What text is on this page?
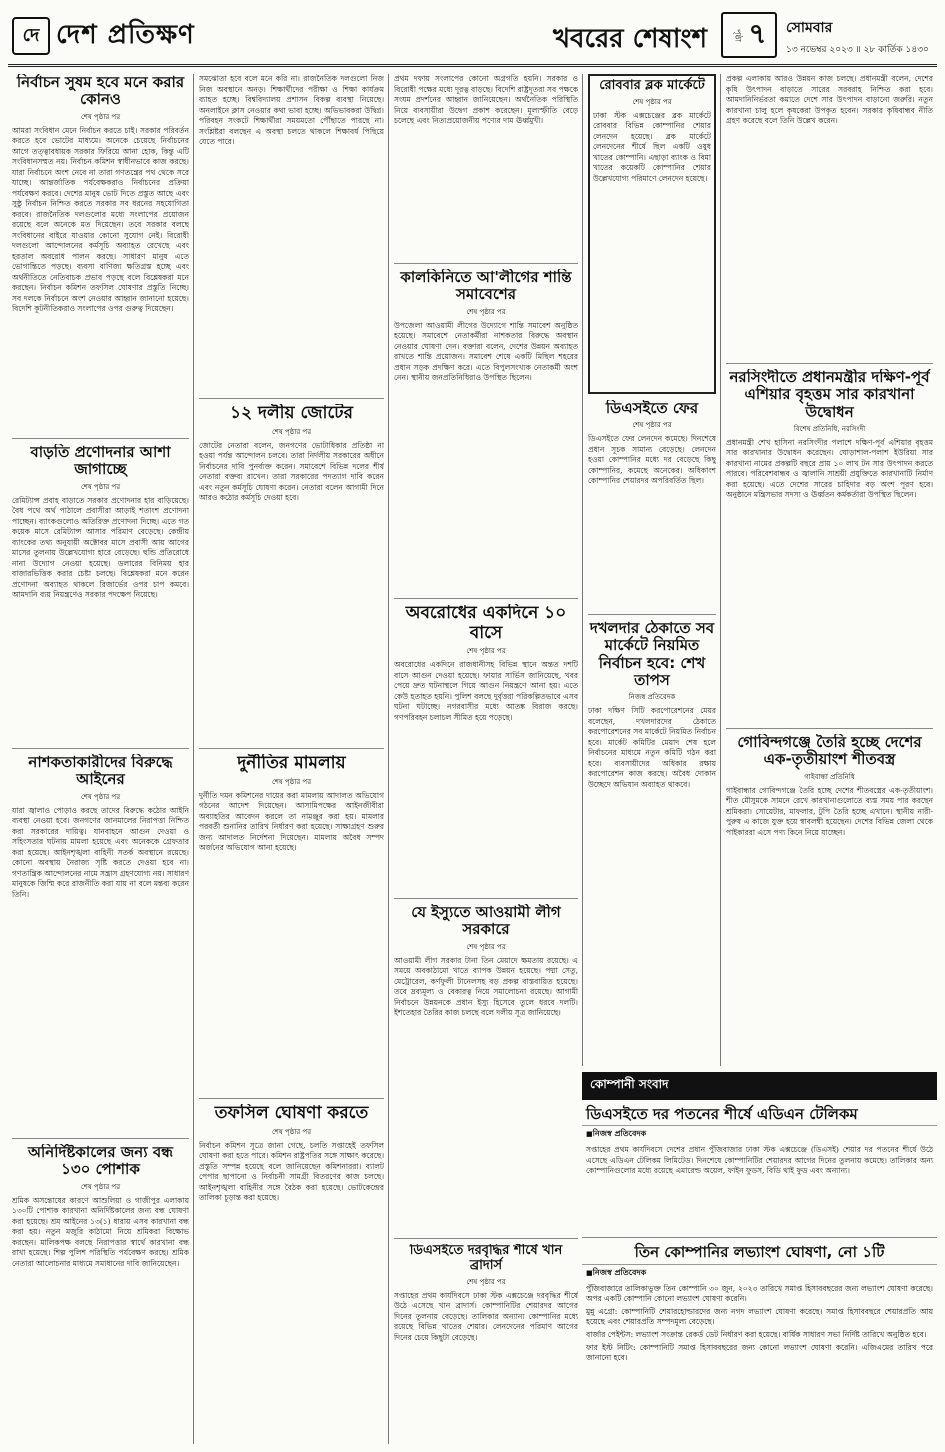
দে দেশ প্রতিক্ষণ	খবরের শেষাংশ	পৃষ্ঠা ৭ সোমবার
১৩ নভেম্বর ২০২৩ ॥ ২৮ কার্তিক ১৪৩০
নির্বাচন সুষম হবে মনে করার কোনও
শেষ পৃষ্ঠার পর

আমরা সংবিধান মেনে নির্বাচন করতে চাই। সরকার পরিবর্তন করতে হবে ভোটের মাধ্যমে। অনেকে চেয়েছে নির্বাচনের আগে তত্ত্বাবধায়ক সরকার ফিরিয়ে আনা হোক, কিন্তু এটি সংবিধানসম্মত নয়। নির্বাচন কমিশন স্বাধীনভাবে কাজ করছে। যারা নির্বাচনে অংশ নেবে না তারা গণতন্ত্রের পথ থেকে সরে যাচ্ছে। আন্তর্জাতিক পর্যবেক্ষকরাও নির্বাচনের প্রক্রিয়া পর্যবেক্ষণ করবে। দেশের মানুষ ভোট দিতে প্রস্তুত আছে এবং সুষ্ঠু নির্বাচন নিশ্চিত করতে সরকার সব ধরনের সহযোগিতা করবে। রাজনৈতিক দলগুলোর মধ্যে সংলাপের প্রয়োজন রয়েছে বলে অনেকে মত দিয়েছেন। তবে সরকার বলছে সংবিধানের বাইরে যাওয়ার কোনো সুযোগ নেই। বিরোধী দলগুলো আন্দোলনের কর্মসূচি অব্যাহত রেখেছে এবং হরতাল অবরোধ পালন করছে। সাধারণ মানুষ এতে ভোগান্তিতে পড়ছে। ব্যবসা বাণিজ্য ক্ষতিগ্রস্ত হচ্ছে এবং অর্থনীতিতে নেতিবাচক প্রভাব পড়ছে বলে বিশ্লেষকরা মনে করছেন। নির্বাচন কমিশন তফসিল ঘোষণার প্রস্তুতি নিচ্ছে। সব দলকে নির্বাচনে অংশ নেওয়ার আহ্বান জানানো হয়েছে। বিদেশি কূটনীতিকরাও সংলাপের ওপর গুরুত্ব দিয়েছেন।

বাড়তি প্রণোদনার আশা জাগাচ্ছে
শেষ পৃষ্ঠার পর

রেমিট্যান্স প্রবাহ বাড়াতে সরকার প্রণোদনার হার বাড়িয়েছে। বৈধ পথে অর্থ পাঠালে প্রবাসীরা আড়াই শতাংশ প্রণোদনা পাচ্ছেন। ব্যাংকগুলোও অতিরিক্ত প্রণোদনা দিচ্ছে। এতে গত কয়েক মাসে রেমিট্যান্স আসার পরিমাণ বেড়েছে। কেন্দ্রীয় ব্যাংকের তথ্য অনুযায়ী অক্টোবর মাসে প্রবাসী আয় আগের মাসের তুলনায় উল্লেখযোগ্য হারে বেড়েছে। হুন্ডি প্রতিরোধে নানা উদ্যোগ নেওয়া হয়েছে। ডলারের বিনিময় হার বাজারভিত্তিক করার চেষ্টা চলছে। বিশ্লেষকরা মনে করেন প্রণোদনা অব্যাহত থাকলে রিজার্ভের ওপর চাপ কমবে। আমদানি ব্যয় নিয়ন্ত্রণেও সরকার পদক্ষেপ নিয়েছে।

নাশকতাকারীদের বিরুদ্ধে আইনের
শেষ পৃষ্ঠার পর

যারা জ্বালাও পোড়াও করছে তাদের বিরুদ্ধে কঠোর আইনি ব্যবস্থা নেওয়া হবে। জনগণের জানমালের নিরাপত্তা নিশ্চিত করা সরকারের দায়িত্ব। যানবাহনে আগুন দেওয়া ও সহিংসতার ঘটনায় মামলা হয়েছে এবং অনেককে গ্রেফতার করা হয়েছে। আইনশৃঙ্খলা বাহিনী সতর্ক অবস্থানে রয়েছে। কোনো অবস্থায় নৈরাজ্য সৃষ্টি করতে দেওয়া হবে না। গণতান্ত্রিক আন্দোলনের নামে সন্ত্রাস গ্রহণযোগ্য নয়। সাধারণ মানুষকে জিম্মি করে রাজনীতি করা যায় না বলে মন্তব্য করেন তিনি।

অনির্দিষ্টকালের জন্য বন্ধ ১৩০ পোশাক
শেষ পৃষ্ঠার পর

শ্রমিক অসন্তোষের কারণে আশুলিয়া ও গাজীপুর এলাকায় ১৩০টি পোশাক কারখানা অনির্দিষ্টকালের জন্য বন্ধ ঘোষণা করা হয়েছে। শ্রম আইনের ১৩(১) ধারায় এসব কারখানা বন্ধ করা হয়। নতুন মজুরি কাঠামো নিয়ে শ্রমিকরা বিক্ষোভ করছেন। মালিকপক্ষ বলছে নিরাপত্তার স্বার্থে কারখানা বন্ধ রাখা হয়েছে। শিল্প পুলিশ পরিস্থিতি পর্যবেক্ষণ করছে। শ্রমিক নেতারা আলোচনার মাধ্যমে সমাধানের দাবি জানিয়েছেন।

সমঝোতা হবে বলে মনে করি না। রাজনৈতিক দলগুলো নিজ নিজ অবস্থানে অনড়। শিক্ষার্থীদের পরীক্ষা ও শিক্ষা কার্যক্রম ব্যাহত হচ্ছে। বিশ্ববিদ্যালয় প্রশাসন বিকল্প ব্যবস্থা নিয়েছে। অনলাইনে ক্লাস নেওয়ার কথা ভাবা হচ্ছে। অভিভাবকরা উদ্বিগ্ন। পরিবহন সংকটে শিক্ষার্থীরা সময়মতো পৌঁছাতে পারছে না। সংশ্লিষ্টরা বলছেন এ অবস্থা চলতে থাকলে শিক্ষাবর্ষ পিছিয়ে যেতে পারে।

১২ দলীয় জোটের
শেষ পৃষ্ঠার পর

জোটের নেতারা বলেন, জনগণের ভোটাধিকার প্রতিষ্ঠা না হওয়া পর্যন্ত আন্দোলন চলবে। তারা নির্দলীয় সরকারের অধীনে নির্বাচনের দাবি পুনর্ব্যক্ত করেন। সমাবেশে বিভিন্ন দলের শীর্ষ নেতারা বক্তব্য রাখেন। তারা সরকারের পদত্যাগ দাবি করেন এবং নতুন কর্মসূচি ঘোষণা করেন। নেতারা বলেন আগামী দিনে আরও কঠোর কর্মসূচি দেওয়া হবে।

দুর্নীতির মামলায়
শেষ পৃষ্ঠার পর

দুর্নীতি দমন কমিশনের দায়ের করা মামলায় আদালত অভিযোগ গঠনের আদেশ দিয়েছেন। আসামিপক্ষের আইনজীবীরা অব্যাহতির আবেদন করলে তা নামঞ্জুর করা হয়। মামলার পরবর্তী শুনানির তারিখ নির্ধারণ করা হয়েছে। সাক্ষ্যগ্রহণ শুরুর জন্য আদালত নির্দেশনা দিয়েছেন। মামলায় অবৈধ সম্পদ অর্জনের অভিযোগ আনা হয়েছে।

তফসিল ঘোষণা করতে
শেষ পৃষ্ঠার পর

নির্বাচন কমিশন সূত্রে জানা গেছে, চলতি সপ্তাহেই তফসিল ঘোষণা করা হতে পারে। কমিশন রাষ্ট্রপতির সঙ্গে সাক্ষাৎ করেছে। প্রস্তুতি সম্পন্ন হয়েছে বলে জানিয়েছেন কমিশনাররা। ব্যালট পেপার ছাপানো ও নির্বাচনী সামগ্রী বিতরণের কাজ চলছে। আইনশৃঙ্খলা বাহিনীর সঙ্গে বৈঠক করা হয়েছে। ভোটকেন্দ্রের তালিকা চূড়ান্ত করা হয়েছে।

প্রথম দফায় সংলাপের কোনো অগ্রগতি হয়নি। সরকার ও বিরোধী পক্ষের মধ্যে দূরত্ব বাড়ছে। বিদেশি রাষ্ট্রদূতরা সব পক্ষকে সংযম প্রদর্শনের আহ্বান জানিয়েছেন। অর্থনৈতিক পরিস্থিতি নিয়ে ব্যবসায়ীরা উদ্বেগ প্রকাশ করেছেন। মূল্যস্ফীতি বেড়ে চলেছে এবং নিত্যপ্রয়োজনীয় পণ্যের দাম ঊর্ধ্বমুখী।

কালকিনিতে আ'লীগের শান্তি সমাবেশের
শেষ পৃষ্ঠার পর

উপজেলা আওয়ামী লীগের উদ্যোগে শান্তি সমাবেশ অনুষ্ঠিত হয়েছে। সমাবেশে নেতাকর্মীরা নাশকতার বিরুদ্ধে অবস্থান নেওয়ার ঘোষণা দেন। বক্তারা বলেন, দেশের উন্নয়ন অব্যাহত রাখতে শান্তি প্রয়োজন। সমাবেশ শেষে একটি মিছিল শহরের প্রধান সড়ক প্রদক্ষিণ করে। এতে বিপুলসংখ্যক নেতাকর্মী অংশ নেন। স্থানীয় জনপ্রতিনিধিরাও উপস্থিত ছিলেন।

অবরোধের একদিনে ১০ বাসে
শেষ পৃষ্ঠার পর

অবরোধের একদিনে রাজধানীসহ বিভিন্ন স্থানে অন্তত দশটি বাসে আগুন দেওয়া হয়েছে। ফায়ার সার্ভিস জানিয়েছে, খবর পেয়ে দ্রুত ঘটনাস্থলে গিয়ে আগুন নিয়ন্ত্রণে আনা হয়। এতে কেউ হতাহত হয়নি। পুলিশ বলছে দুর্বৃত্তরা পরিকল্পিতভাবে এসব ঘটনা ঘটাচ্ছে। নগরবাসীর মধ্যে আতঙ্ক বিরাজ করছে। গণপরিবহন চলাচল সীমিত হয়ে পড়েছে।

যে ইস্যুতে আওয়ামী লীগ সরকারে
শেষ পৃষ্ঠার পর

আওয়ামী লীগ সরকার টানা তিন মেয়াদে ক্ষমতায় রয়েছে। এ সময়ে অবকাঠামো খাতে ব্যাপক উন্নয়ন হয়েছে। পদ্মা সেতু, মেট্রোরেল, কর্ণফুলী টানেলসহ বড় প্রকল্প বাস্তবায়িত হয়েছে। তবে দ্রব্যমূল্য ও বেকারত্ব নিয়ে সমালোচনা রয়েছে। আগামী নির্বাচনে উন্নয়নকে প্রধান ইস্যু হিসেবে তুলে ধরবে দলটি। ইশতেহার তৈরির কাজ চলছে বলে দলীয় সূত্র জানিয়েছে।

ডিএসইতে দরবৃদ্ধির শীর্ষে খান ব্রাদার্স
শেষ পৃষ্ঠার পর

সপ্তাহের প্রথম কার্যদিবসে ঢাকা স্টক এক্সচেঞ্জে দরবৃদ্ধির শীর্ষে উঠে এসেছে খান ব্রাদার্স। কোম্পানিটির শেয়ারদর আগের দিনের তুলনায় বেড়েছে। তালিকার অন্যান্য কোম্পানির মধ্যে রয়েছে বিভিন্ন খাতের শেয়ার। লেনদেনের পরিমাণ আগের দিনের চেয়ে কিছুটা বেড়েছে।

রোববার ব্লক মার্কেটে
শেষ পৃষ্ঠার পর

ঢাকা স্টক এক্সচেঞ্জের ব্লক মার্কেটে রোববার বিভিন্ন কোম্পানির শেয়ার লেনদেন হয়েছে। ব্লক মার্কেটে লেনদেনের শীর্ষে ছিল একটি ওষুধ খাতের কোম্পানি। এছাড়া ব্যাংক ও বিমা খাতের কয়েকটি কোম্পানির শেয়ার উল্লেখযোগ্য পরিমাণে লেনদেন হয়েছে।

ডিএসইতে ফের
শেষ পৃষ্ঠার পর

ডিএসইতে ফের লেনদেন কমেছে। দিনশেষে প্রধান সূচক সামান্য বেড়েছে। লেনদেন হওয়া কোম্পানির মধ্যে দর বেড়েছে কিছু কোম্পানির, কমেছে অনেকের। অধিকাংশ কোম্পানির শেয়ারদর অপরিবর্তিত ছিল।

দখলদার ঠেকাতে সব মার্কেটে নিয়মিত নির্বাচন হবে: শেখ তাপস
নিজস্ব প্রতিবেদক

ঢাকা দক্ষিণ সিটি করপোরেশনের মেয়র বলেছেন, দখলদারদের ঠেকাতে করপোরেশনের সব মার্কেটে নিয়মিত নির্বাচন হবে। মার্কেট কমিটির মেয়াদ শেষ হলে নির্বাচনের মাধ্যমে নতুন কমিটি গঠন করা হবে। ব্যবসায়ীদের অধিকার রক্ষায় করপোরেশন কাজ করছে। অবৈধ দোকান উচ্ছেদে অভিযান অব্যাহত থাকবে।

প্রকল্প এলাকায় আরও উন্নয়ন কাজ চলছে। প্রধানমন্ত্রী বলেন, দেশের কৃষি উৎপাদন বাড়াতে সারের সরবরাহ নিশ্চিত করা হবে। আমদানিনির্ভরতা কমাতে দেশে সার উৎপাদন বাড়ানো জরুরি। নতুন কারখানা চালু হলে কৃষকেরা উপকৃত হবেন। সরকার কৃষিবান্ধব নীতি গ্রহণ করেছে বলে তিনি উল্লেখ করেন।

নরসিংদীতে প্রধানমন্ত্রীর দক্ষিণ-পূর্ব এশিয়ার বৃহত্তম সার কারখানা উদ্বোধন
বিশেষ প্রতিনিধি, নরসিংদী

প্রধানমন্ত্রী শেখ হাসিনা নরসিংদীর পলাশে দক্ষিণ-পূর্ব এশিয়ার বৃহত্তম সার কারখানার উদ্বোধন করেছেন। ঘোড়াশাল-পলাশ ইউরিয়া সার কারখানা নামের প্রকল্পটি বছরে প্রায় ১০ লাখ টন সার উৎপাদন করতে পারবে। পরিবেশবান্ধব ও জ্বালানি সাশ্রয়ী প্রযুক্তিতে কারখানাটি নির্মাণ করা হয়েছে। এতে দেশের সারের চাহিদার বড় অংশ পূরণ হবে। অনুষ্ঠানে মন্ত্রিসভার সদস্য ও ঊর্ধ্বতন কর্মকর্তারা উপস্থিত ছিলেন।

গোবিন্দগঞ্জে তৈরি হচ্ছে দেশের এক-তৃতীয়াংশ শীতবস্ত্র
গাইবান্ধা প্রতিনিধি

গাইবান্ধার গোবিন্দগঞ্জে তৈরি হচ্ছে দেশের শীতবস্ত্রের এক-তৃতীয়াংশ। শীত মৌসুমকে সামনে রেখে কারখানাগুলোতে ব্যস্ত সময় পার করছেন শ্রমিকরা। সোয়েটার, মাফলার, টুপি তৈরি হচ্ছে এখানে। স্থানীয় নারী-পুরুষ এ কাজে যুক্ত হয়ে স্বাবলম্বী হয়েছেন। দেশের বিভিন্ন জেলা থেকে পাইকাররা এসে পণ্য কিনে নিয়ে যাচ্ছেন।

কোম্পানী সংবাদ
ডিএসইতে দর পতনের শীর্ষে এডিএন টেলিকম
■ নিজস্ব প্রতিবেদক

সপ্তাহের প্রথম কার্যদিবসে দেশের প্রধান পুঁজিবাজার ঢাকা স্টক এক্সচেঞ্জে (ডিএসই) শেয়ার দর পতনের শীর্ষে উঠে এসেছে এডিএন টেলিকম লিমিটেড। দিনশেষে কোম্পানিটির শেয়ারদর আগের দিনের তুলনায় কমেছে। তালিকার অন্য কোম্পানিগুলোর মধ্যে রয়েছে এমারেল্ড অয়েল, ফাইন ফুডস, বিডি থাই ফুড এবং অন্যান্য।

তিন কোম্পানির লভ্যাংশ ঘোষণা, নো ১টি
■ নিজস্ব প্রতিবেদক
পুঁজিবাজারে তালিকাভুক্ত তিন কোম্পানি ৩০ জুন, ২০২৩ তারিখে সমাপ্ত হিসাববছরের জন্য লভ্যাংশ ঘোষণা করেছে। অপর একটি কোম্পানি কোনো লভ্যাংশ ঘোষণা করেনি।
মুন্নু এগ্রো: কোম্পানিটি শেয়ারহোল্ডারদের জন্য নগদ লভ্যাংশ ঘোষণা করেছে। সমাপ্ত হিসাববছরে শেয়ারপ্রতি আয় হয়েছে এবং শেয়ারপ্রতি সম্পদমূল্য বেড়েছে।
বার্জার পেইন্টস: লভ্যাংশ সংক্রান্ত রেকর্ড ডেট নির্ধারণ করা হয়েছে। বার্ষিক সাধারণ সভা নির্দিষ্ট তারিখে অনুষ্ঠিত হবে।
ফার ইস্ট নিটিং: কোম্পানিটি সমাপ্ত হিসাববছরের জন্য কোনো লভ্যাংশ ঘোষণা করেনি। এজিএমের তারিখ পরে জানানো হবে।
